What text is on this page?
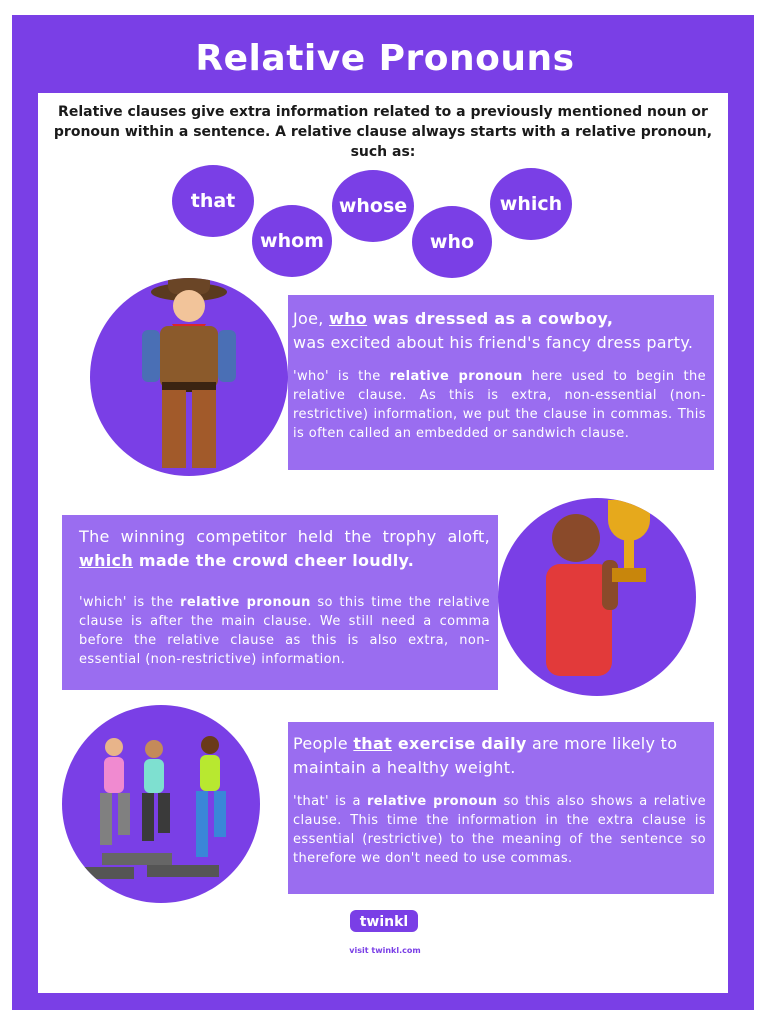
Relative Pronouns
Relative clauses give extra information related to a previously mentioned noun or pronoun within a sentence. A relative clause always starts with a relative pronoun, such as:
that
whom
whose
who
which
Joe, who was dressed as a cowboy,
was excited about his friend's fancy dress party.
'who' is the relative pronoun here used to begin the relative clause. As this is extra, non-essential (non-restrictive) information, we put the clause in commas. This is often called an embedded or sandwich clause.
The winning competitor held the trophy aloft, which made the crowd cheer loudly.
'which' is the relative pronoun so this time the relative clause is after the main clause. We still need a comma before the relative clause as this is also extra, non-essential (non-restrictive) information.
People that exercise daily are more likely to maintain a healthy weight.
'that' is a relative pronoun so this also shows a relative clause. This time the information in the extra clause is essential (restrictive) to the meaning of the sentence so therefore we don't need to use commas.
twinkl
visit twinkl.com
